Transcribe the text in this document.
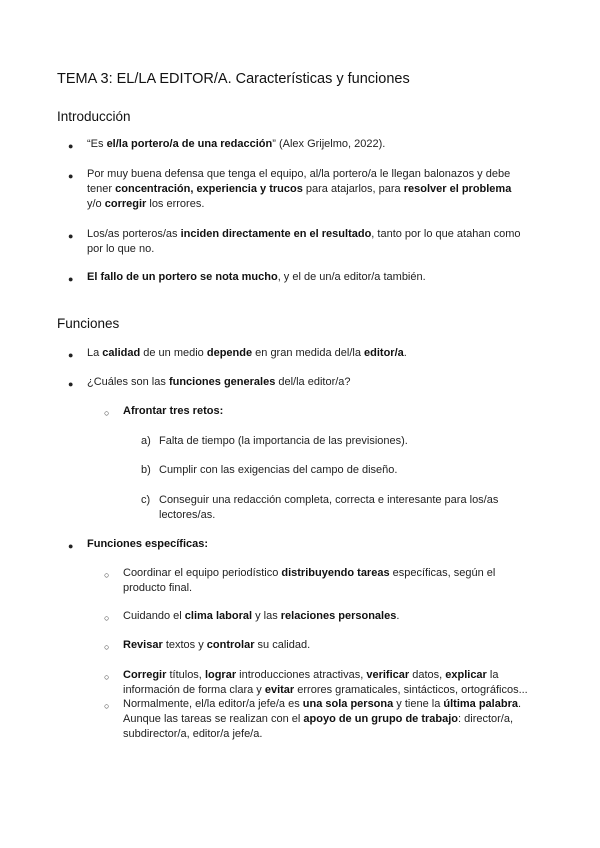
TEMA 3: EL/LA EDITOR/A. Características y funciones
Introducción
● “Es el/la portero/a de una redacción” (Alex Grijelmo, 2022).
● Por muy buena defensa que tenga el equipo, al/la portero/a le llegan balonazos y debe tener concentración, experiencia y trucos para atajarlos, para resolver el problema y/o corregir los errores.
● Los/as porteros/as inciden directamente en el resultado, tanto por lo que atahan como por lo que no.
● El fallo de un portero se nota mucho, y el de un/a editor/a también.
Funciones
● La calidad de un medio depende en gran medida del/la editor/a.
● ¿Cuáles son las funciones generales del/la editor/a?
○ Afrontar tres retos:
a) Falta de tiempo (la importancia de las previsiones).
b) Cumplir con las exigencias del campo de diseño.
c) Conseguir una redacción completa, correcta e interesante para los/as lectores/as.
● Funciones específicas:
○ Coordinar el equipo periodístico distribuyendo tareas específicas, según el producto final.
○ Cuidando el clima laboral y las relaciones personales.
○ Revisar textos y controlar su calidad.
○ Corregir títulos, lograr introducciones atractivas, verificar datos, explicar la información de forma clara y evitar errores gramaticales, sintácticos, ortográficos...
○ Normalmente, el/la editor/a jefe/a es una sola persona y tiene la última palabra. Aunque las tareas se realizan con el apoyo de un grupo de trabajo: director/a, subdirector/a, editor/a jefe/a.
